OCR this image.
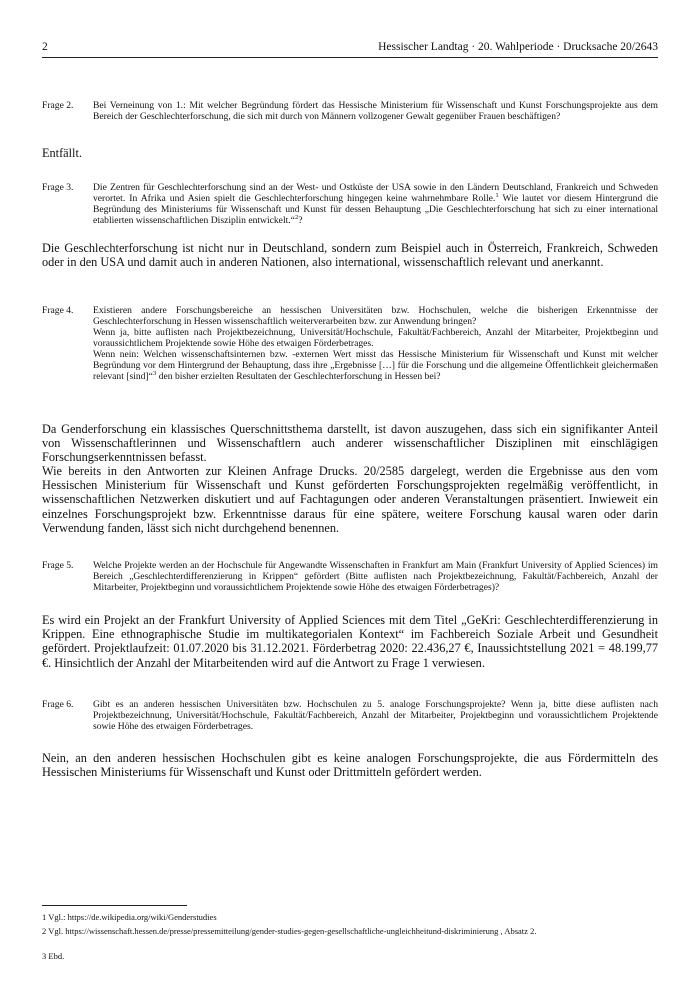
2	Hessischer Landtag · 20. Wahlperiode · Drucksache 20/2643
Frage 2.	Bei Verneinung von 1.: Mit welcher Begründung fördert das Hessische Ministerium für Wissenschaft und Kunst Forschungsprojekte aus dem Bereich der Geschlechterforschung, die sich mit durch von Männern vollzogener Gewalt gegenüber Frauen beschäftigen?
Entfällt.
Frage 3.	Die Zentren für Geschlechterforschung sind an der West- und Ostküste der USA sowie in den Ländern Deutschland, Frankreich und Schweden verortet. In Afrika und Asien spielt die Geschlechterforschung hingegen keine wahrnehmbare Rolle.$^1$ Wie lautet vor diesem Hintergrund die Begründung des Ministeriums für Wissenschaft und Kunst für dessen Behauptung „Die Geschlechterforschung hat sich zu einer international etablierten wissenschaftlichen Disziplin entwickelt.“$^2$?
Die Geschlechterforschung ist nicht nur in Deutschland, sondern zum Beispiel auch in Österreich, Frankreich, Schweden oder in den USA und damit auch in anderen Nationen, also international, wissenschaftlich relevant und anerkannt.
Frage 4.	Existieren andere Forschungsbereiche an hessischen Universitäten bzw. Hochschulen, welche die bisherigen Erkenntnisse der Geschlechterforschung in Hessen wissenschaftlich weiterverarbeiten bzw. zur Anwendung bringen?
Wenn ja, bitte auflisten nach Projektbezeichnung, Universität/Hochschule, Fakultät/Fachbereich, Anzahl der Mitarbeiter, Projektbeginn und voraussichtlichem Projektende sowie Höhe des etwaigen Förderbetrages.
Wenn nein: Welchen wissenschaftsinternen bzw. -externen Wert misst das Hessische Ministerium für Wissenschaft und Kunst mit welcher Begründung vor dem Hintergrund der Behauptung, dass ihre „Ergebnisse […] für die Forschung und die allgemeine Öffentlichkeit gleichermaßen relevant [sind]“$^3$ den bisher erzielten Resultaten der Geschlechterforschung in Hessen bei?
Da Genderforschung ein klassisches Querschnittsthema darstellt, ist davon auszugehen, dass sich ein signifikanter Anteil von Wissenschaftlerinnen und Wissenschaftlern auch anderer wissenschaftlicher Disziplinen mit einschlägigen Forschungserkenntnissen befasst.
Wie bereits in den Antworten zur Kleinen Anfrage Drucks. 20/2585 dargelegt, werden die Ergebnisse aus den vom Hessischen Ministerium für Wissenschaft und Kunst geförderten Forschungsprojekten regelmäßig veröffentlicht, in wissenschaftlichen Netzwerken diskutiert und auf Fachtagungen oder anderen Veranstaltungen präsentiert. Inwieweit ein einzelnes Forschungsprojekt bzw. Erkenntnisse daraus für eine spätere, weitere Forschung kausal waren oder darin Verwendung fanden, lässt sich nicht durchgehend benennen.
Frage 5.	Welche Projekte werden an der Hochschule für Angewandte Wissenschaften in Frankfurt am Main (Frankfurt University of Applied Sciences) im Bereich „Geschlechterdifferenzierung in Krippen“ gefördert (Bitte auflisten nach Projektbezeichnung, Fakultät/Fachbereich, Anzahl der Mitarbeiter, Projektbeginn und voraussichtlichem Projektende sowie Höhe des etwaigen Förderbetrages)?
Es wird ein Projekt an der Frankfurt University of Applied Sciences mit dem Titel „GeKri: Geschlechterdifferenzierung in Krippen. Eine ethnographische Studie im multikategorialen Kontext“ im Fachbereich Soziale Arbeit und Gesundheit gefördert. Projektlaufzeit: 01.07.2020 bis 31.12.2021. Förderbetrag 2020: 22.436,27 €, Inaussichtstellung 2021 = 48.199,77 €. Hinsichtlich der Anzahl der Mitarbeitenden wird auf die Antwort zu Frage 1 verwiesen.
Frage 6.	Gibt es an anderen hessischen Universitäten bzw. Hochschulen zu 5. analoge Forschungsprojekte? Wenn ja, bitte diese auflisten nach Projektbezeichnung, Universität/Hochschule, Fakultät/Fachbereich, Anzahl der Mitarbeiter, Projektbeginn und voraussichtlichem Projektende sowie Höhe des etwaigen Förderbetrages.
Nein, an den anderen hessischen Hochschulen gibt es keine analogen Forschungsprojekte, die aus Fördermitteln des Hessischen Ministeriums für Wissenschaft und Kunst oder Drittmitteln gefördert werden.
1 Vgl.: https://de.wikipedia.org/wiki/Genderstudies
2 Vgl. https://wissenschaft.hessen.de/presse/pressemitteilung/gender-studies-gegen-gesellschaftliche-ungleichheitund-diskriminierung , Absatz 2.
3 Ebd.
